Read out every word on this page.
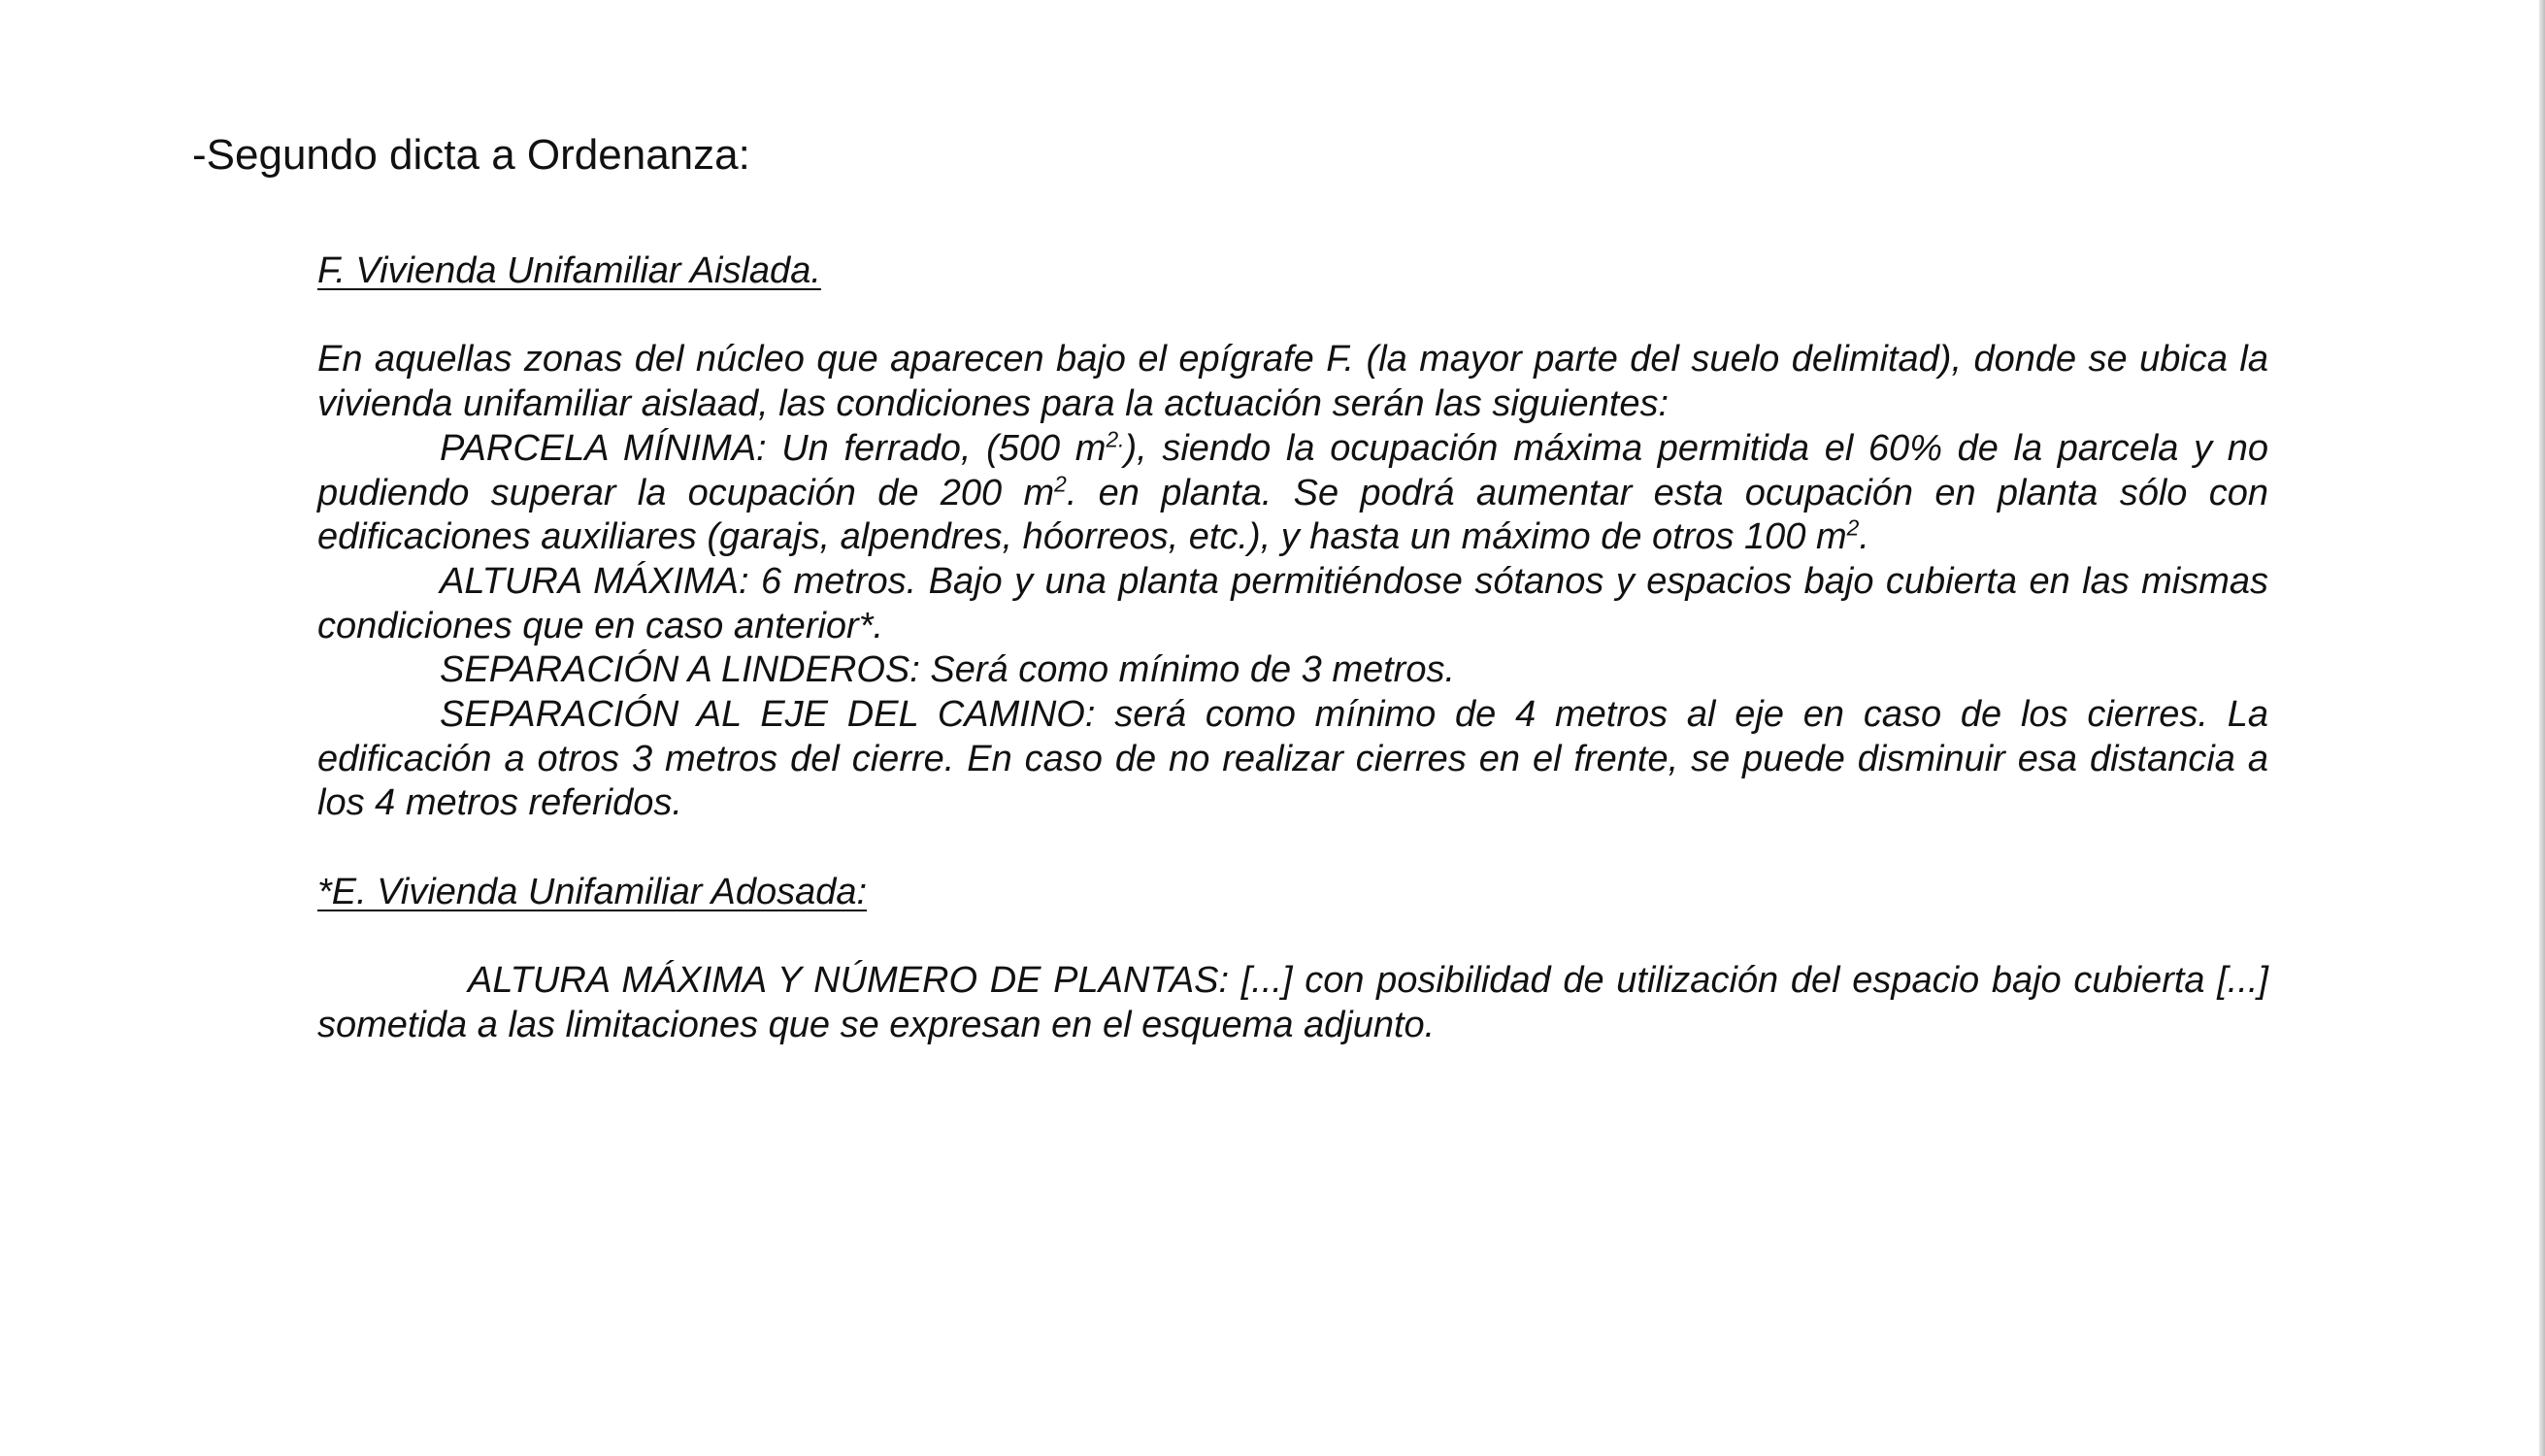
-Segundo dicta a Ordenanza:

F. Vivienda Unifamiliar Aislada.

En aquellas zonas del núcleo que aparecen bajo el epígrafe F. (la mayor parte del suelo delimitad), donde se ubica la vivienda unifamiliar aislaad, las condiciones para la actuación serán las siguientes:

PARCELA MÍNIMA: Un ferrado, (500 $m^{2.}$), siendo la ocupación máxima permitida el 60% de la parcela y no pudiendo superar la ocupación de 200 $m^2$. en planta. Se podrá aumentar esta ocupación en planta sólo con edificaciones auxiliares (garajs, alpendres, hóorreos, etc.), y hasta un máximo de otros 100 $m^2$.

ALTURA MÁXIMA: 6 metros. Bajo y una planta permitiéndose sótanos y espacios bajo cubierta en las mismas condiciones que en caso anterior*.

SEPARACIÓN A LINDEROS: Será como mínimo de 3 metros.

SEPARACIÓN AL EJE DEL CAMINO: será como mínimo de 4 metros al eje en caso de los cierres. La edificación a otros 3 metros del cierre. En caso de no realizar cierres en el frente, se puede disminuir esa distancia a los 4 metros referidos.

*E. Vivienda Unifamiliar Adosada:

ALTURA MÁXIMA Y NÚMERO DE PLANTAS: [...] con posibilidad de utilización del espacio bajo cubierta [...] sometida a las limitaciones que se expresan en el esquema adjunto.
